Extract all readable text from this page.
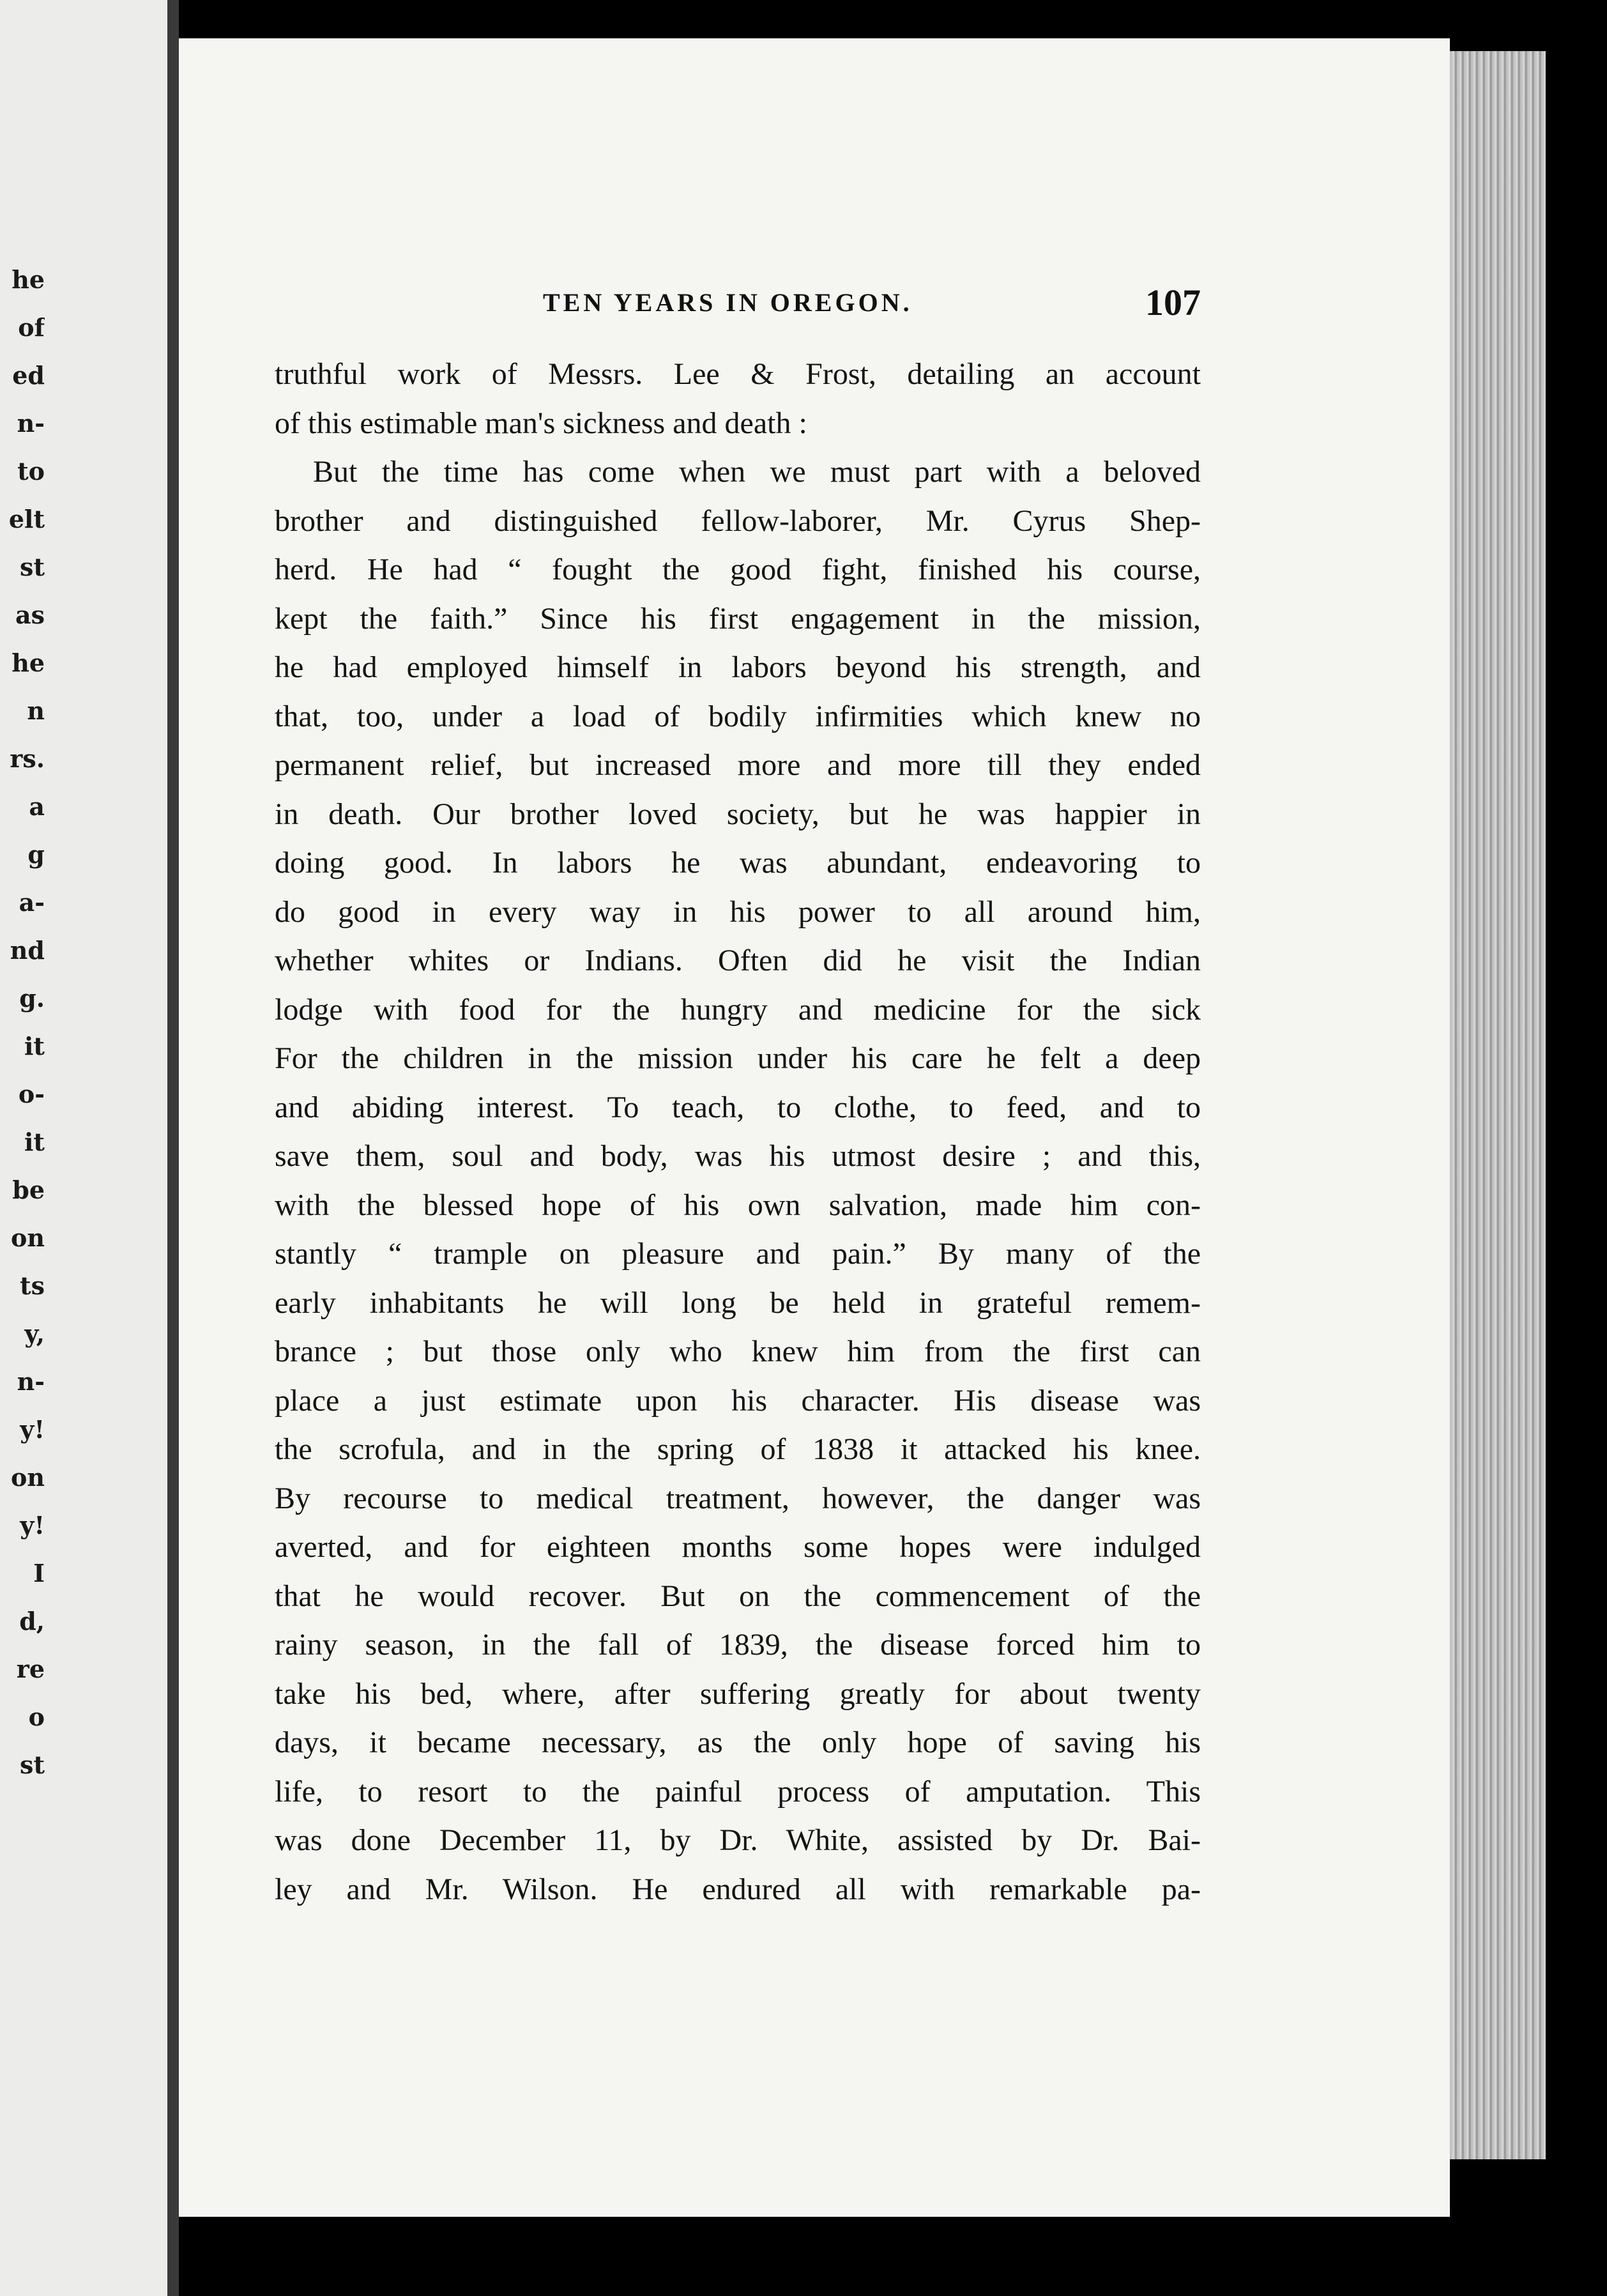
he
of
ed
n-
to
elt
st
as
he
n
rs.
a
g
a-
nd
g.
it
o-
it
be
on
ts
y,
n-
y!
on
y!
I
d,
re
o
st
TEN YEARS IN OREGON.	107
truthful work of Messrs. Lee & Frost, detailing an account
of this estimable man's sickness and death :
But the time has come when we must part with a beloved
brother and distinguished fellow-laborer, Mr. Cyrus Shep-
herd. He had “ fought the good fight, finished his course,
kept the faith.” Since his first engagement in the mission,
he had employed himself in labors beyond his strength, and
that, too, under a load of bodily infirmities which knew no
permanent relief, but increased more and more till they ended
in death. Our brother loved society, but he was happier in
doing good. In labors he was abundant, endeavoring to
do good in every way in his power to all around him,
whether whites or Indians. Often did he visit the Indian
lodge with food for the hungry and medicine for the sick
For the children in the mission under his care he felt a deep
and abiding interest. To teach, to clothe, to feed, and to
save them, soul and body, was his utmost desire ; and this,
with the blessed hope of his own salvation, made him con-
stantly “ trample on pleasure and pain.” By many of the
early inhabitants he will long be held in grateful remem-
brance ; but those only who knew him from the first can
place a just estimate upon his character. His disease was
the scrofula, and in the spring of 1838 it attacked his knee.
By recourse to medical treatment, however, the danger was
averted, and for eighteen months some hopes were indulged
that he would recover. But on the commencement of the
rainy season, in the fall of 1839, the disease forced him to
take his bed, where, after suffering greatly for about twenty
days, it became necessary, as the only hope of saving his
life, to resort to the painful process of amputation. This
was done December 11, by Dr. White, assisted by Dr. Bai-
ley and Mr. Wilson. He endured all with remarkable pa-
